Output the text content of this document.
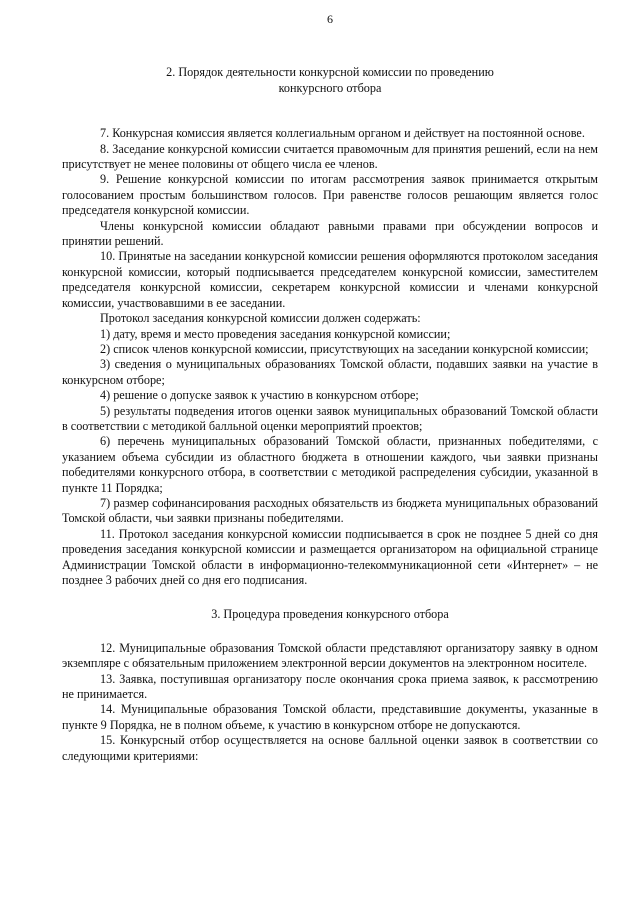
6

2. Порядок деятельности конкурсной комиссии по проведению

конкурсного отбора

7. Конкурсная комиссия является коллегиальным органом и действует на постоянной основе.

8. Заседание конкурсной комиссии считается правомочным для принятия решений, если на нем присутствует не менее половины от общего числа ее членов.

9. Решение конкурсной комиссии по итогам рассмотрения заявок принимается открытым голосованием простым большинством голосов. При равенстве голосов решающим является голос председателя конкурсной комиссии.

Члены конкурсной комиссии обладают равными правами при обсуждении вопросов и принятии решений.

10. Принятые на заседании конкурсной комиссии решения оформляются протоколом заседания конкурсной комиссии, который подписывается председателем конкурсной комиссии, заместителем председателя конкурсной комиссии, секретарем конкурсной комиссии и членами конкурсной комиссии, участвовавшими в ее заседании.

Протокол заседания конкурсной комиссии должен содержать:

1) дату, время и место проведения заседания конкурсной комиссии;

2) список членов конкурсной комиссии, присутствующих на заседании конкурсной комиссии;

3) сведения о муниципальных образованиях Томской области, подавших заявки на участие в конкурсном отборе;

4) решение о допуске заявок к участию в конкурсном отборе;

5) результаты подведения итогов оценки заявок муниципальных образований Томской области в соответствии с методикой балльной оценки мероприятий проектов;

6) перечень муниципальных образований Томской области, признанных победителями, с указанием объема субсидии из областного бюджета в отношении каждого, чьи заявки признаны победителями конкурсного отбора, в соответствии с методикой распределения субсидии, указанной в пункте 11 Порядка;

7) размер софинансирования расходных обязательств из бюджета муниципальных образований Томской области, чьи заявки признаны победителями.

11. Протокол заседания конкурсной комиссии подписывается в срок не позднее 5 дней со дня проведения заседания конкурсной комиссии и размещается организатором на официальной странице Администрации Томской области в информационно-телекоммуникационной сети «Интернет» – не позднее 3 рабочих дней со дня его подписания.

3. Процедура проведения конкурсного отбора

12. Муниципальные образования Томской области представляют организатору заявку в одном экземпляре с обязательным приложением электронной версии документов на электронном носителе.

13. Заявка, поступившая организатору после окончания срока приема заявок, к рассмотрению не принимается.

14. Муниципальные образования Томской области, представившие документы, указанные в пункте 9 Порядка, не в полном объеме, к участию в конкурсном отборе не допускаются.

15. Конкурсный отбор осуществляется на основе балльной оценки заявок в соответствии со следующими критериями:
